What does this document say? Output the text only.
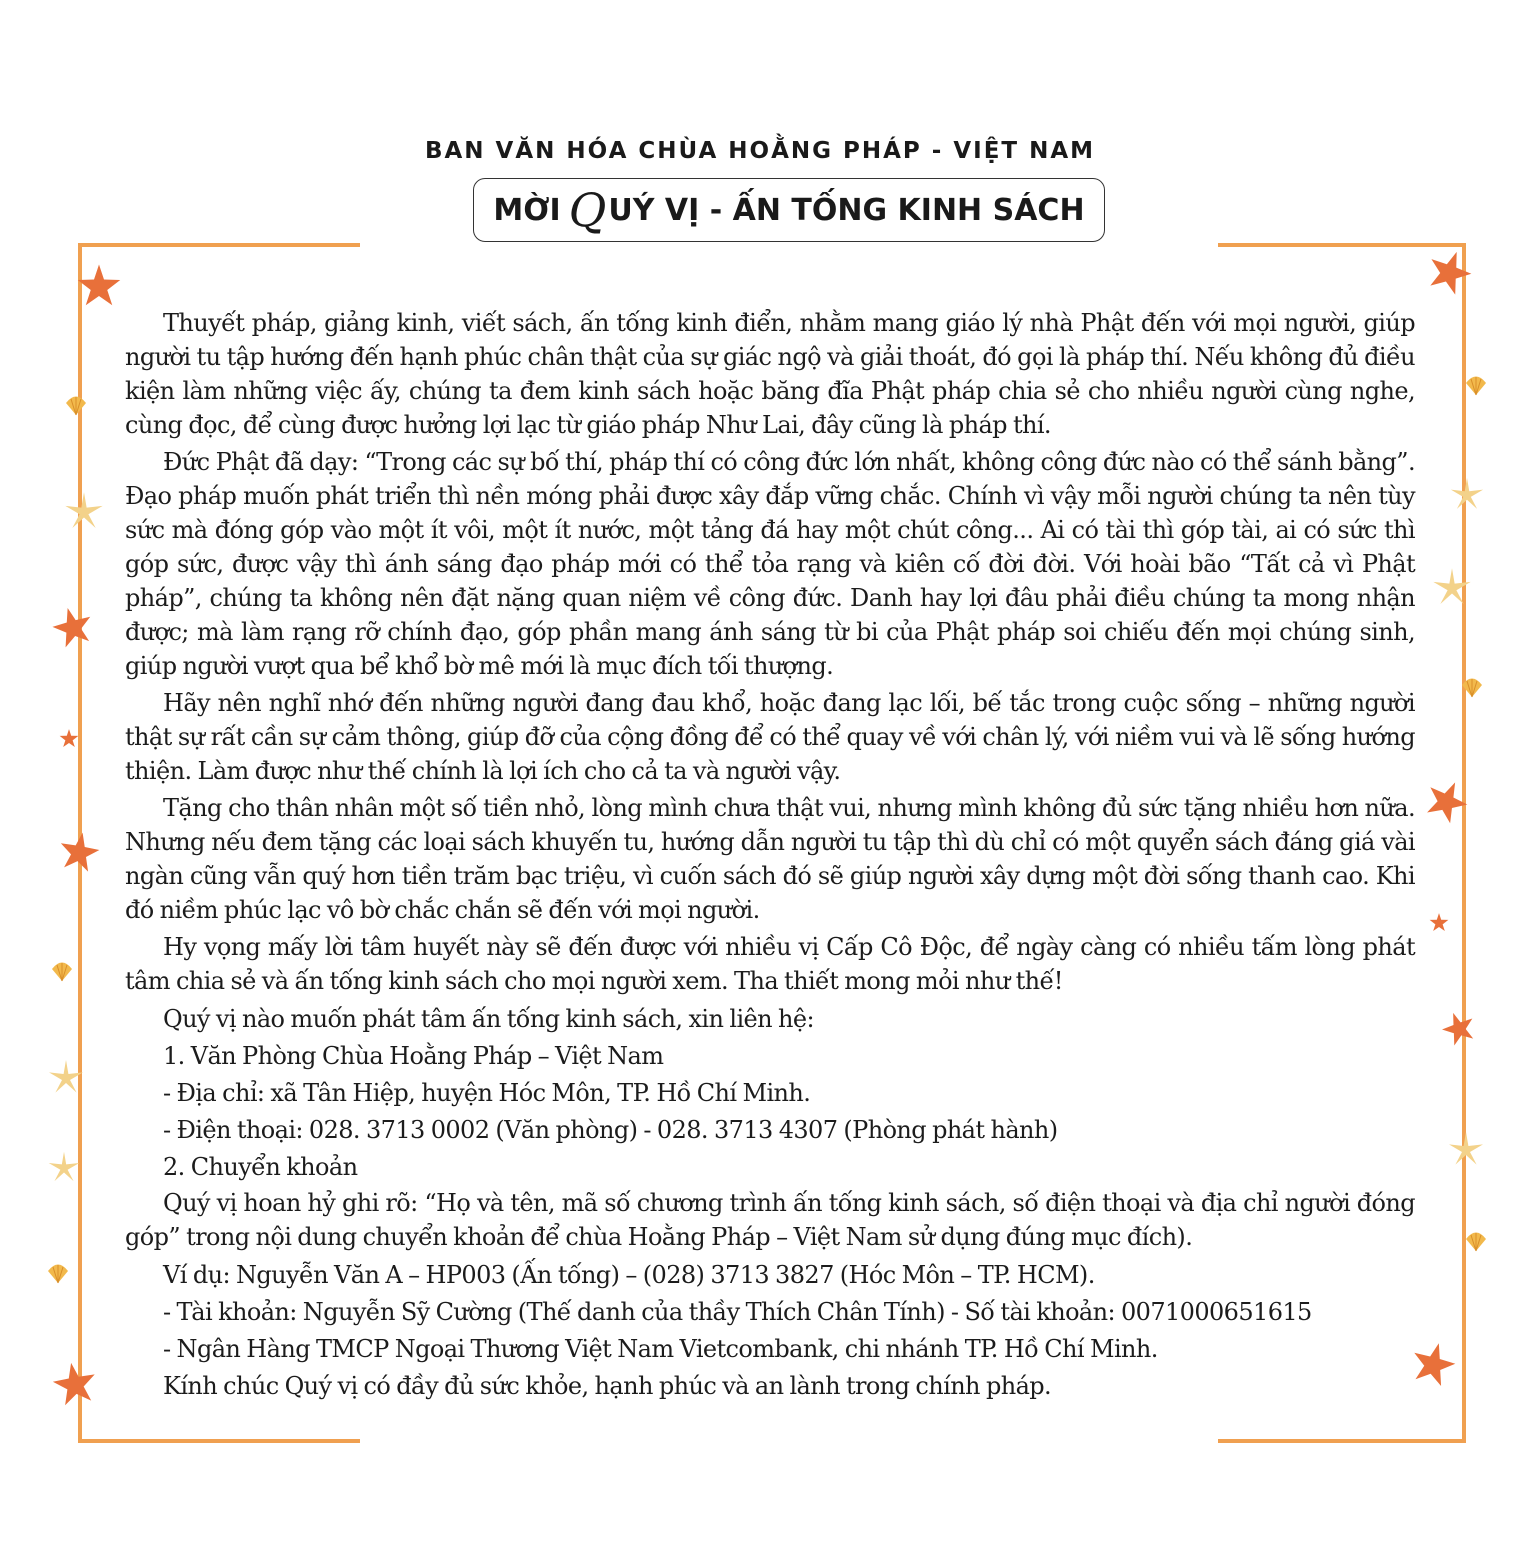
BAN VĂN HÓA CHÙA HOẰNG PHÁP - VIỆT NAM
MỜI Q UÝ VỊ - ẤN TỐNG KINH SÁCH

Thuyết pháp, giảng kinh, viết sách, ấn tống kinh điển, nhằm mang giáo lý nhà Phật đến với mọi người, giúp người tu tập hướng đến hạnh phúc chân thật của sự giác ngộ và giải thoát, đó gọi là pháp thí. Nếu không đủ điều kiện làm những việc ấy, chúng ta đem kinh sách hoặc băng đĩa Phật pháp chia sẻ cho nhiều người cùng nghe, cùng đọc, để cùng được hưởng lợi lạc từ giáo pháp Như Lai, đây cũng là pháp thí.

Đức Phật đã dạy: “Trong các sự bố thí, pháp thí có công đức lớn nhất, không công đức nào có thể sánh bằng”. Đạo pháp muốn phát triển thì nền móng phải được xây đắp vững chắc. Chính vì vậy mỗi người chúng ta nên tùy sức mà đóng góp vào một ít vôi, một ít nước, một tảng đá hay một chút công... Ai có tài thì góp tài, ai có sức thì góp sức, được vậy thì ánh sáng đạo pháp mới có thể tỏa rạng và kiên cố đời đời. Với hoài bão “Tất cả vì Phật pháp”, chúng ta không nên đặt nặng quan niệm về công đức. Danh hay lợi đâu phải điều chúng ta mong nhận được; mà làm rạng rỡ chính đạo, góp phần mang ánh sáng từ bi của Phật pháp soi chiếu đến mọi chúng sinh, giúp người vượt qua bể khổ bờ mê mới là mục đích tối thượng.

Hãy nên nghĩ nhớ đến những người đang đau khổ, hoặc đang lạc lối, bế tắc trong cuộc sống – những người thật sự rất cần sự cảm thông, giúp đỡ của cộng đồng để có thể quay về với chân lý, với niềm vui và lẽ sống hướng thiện. Làm được như thế chính là lợi ích cho cả ta và người vậy.

Tặng cho thân nhân một số tiền nhỏ, lòng mình chưa thật vui, nhưng mình không đủ sức tặng nhiều hơn nữa. Nhưng nếu đem tặng các loại sách khuyến tu, hướng dẫn người tu tập thì dù chỉ có một quyển sách đáng giá vài ngàn cũng vẫn quý hơn tiền trăm bạc triệu, vì cuốn sách đó sẽ giúp người xây dựng một đời sống thanh cao. Khi đó niềm phúc lạc vô bờ chắc chắn sẽ đến với mọi người.

Hy vọng mấy lời tâm huyết này sẽ đến được với nhiều vị Cấp Cô Độc, để ngày càng có nhiều tấm lòng phát tâm chia sẻ và ấn tống kinh sách cho mọi người xem. Tha thiết mong mỏi như thế!

Quý vị nào muốn phát tâm ấn tống kinh sách, xin liên hệ:
1. Văn Phòng Chùa Hoằng Pháp – Việt Nam
- Địa chỉ: xã Tân Hiệp, huyện Hóc Môn, TP. Hồ Chí Minh.
- Điện thoại: 028. 3713 0002 (Văn phòng) - 028. 3713 4307 (Phòng phát hành)
2. Chuyển khoản

Quý vị hoan hỷ ghi rõ: “Họ và tên, mã số chương trình ấn tống kinh sách, số điện thoại và địa chỉ người đóng góp” trong nội dung chuyển khoản để chùa Hoằng Pháp – Việt Nam sử dụng đúng mục đích).

Ví dụ: Nguyễn Văn A – HP003 (Ấn tống) – (028) 3713 3827 (Hóc Môn – TP. HCM).
- Tài khoản: Nguyễn Sỹ Cường (Thế danh của thầy Thích Chân Tính) - Số tài khoản: 0071000651615
- Ngân Hàng TMCP Ngoại Thương Việt Nam Vietcombank, chi nhánh TP. Hồ Chí Minh.
Kính chúc Quý vị có đầy đủ sức khỏe, hạnh phúc và an lành trong chính pháp.
